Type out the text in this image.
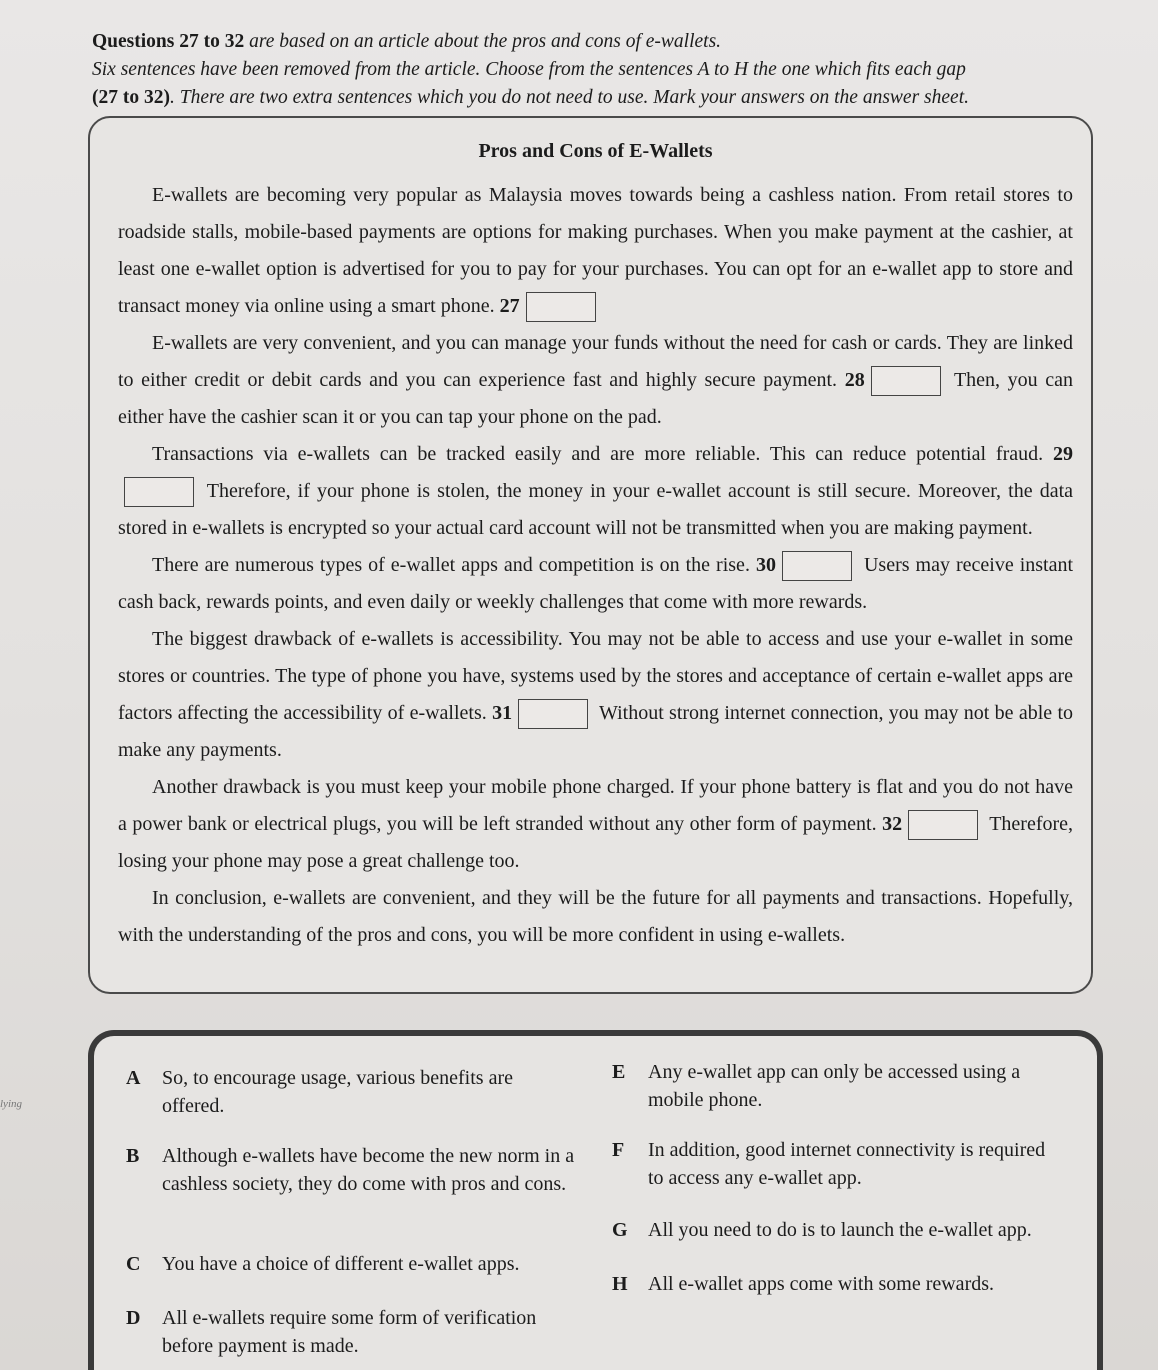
Questions 27 to 32 are based on an article about the pros and cons of e-wallets.
Six sentences have been removed from the article. Choose from the sentences A to H the one which fits each gap
(27 to 32). There are two extra sentences which you do not need to use. Mark your answers on the answer sheet.
Pros and Cons of E-Wallets

E-wallets are becoming very popular as Malaysia moves towards being a cashless nation. From retail stores to roadside stalls, mobile-based payments are options for making purchases. When you make payment at the cashier, at least one e-wallet option is advertised for you to pay for your purchases. You can opt for an e-wallet app to store and transact money via online using a smart phone. 27

E-wallets are very convenient, and you can manage your funds without the need for cash or cards. They are linked to either credit or debit cards and you can experience fast and highly secure payment. 28	Then, you can either have the cashier scan it or you can tap your phone on the pad.

Transactions via e-wallets can be tracked easily and are more reliable. This can reduce potential fraud. 29 Therefore, if your phone is stolen, the money in your e-wallet account is still secure. Moreover, the data stored in e-wallets is encrypted so your actual card account will not be transmitted when you are making payment.

There are numerous types of e-wallet apps and competition is on the rise. 30	Users may receive instant cash back, rewards points, and even daily or weekly challenges that come with more rewards.

The biggest drawback of e-wallets is accessibility. You may not be able to access and use your e-wallet in some stores or countries. The type of phone you have, systems used by the stores and acceptance of certain e-wallet apps are factors affecting the accessibility of e-wallets. 31	Without strong internet connection, you may not be able to make any payments.

Another drawback is you must keep your mobile phone charged. If your phone battery is flat and you do not have a power bank or electrical plugs, you will be left stranded without any other form of payment. 32	Therefore, losing your phone may pose a great challenge too.

In conclusion, e-wallets are convenient, and they will be the future for all payments and transactions. Hopefully, with the understanding of the pros and cons, you will be more confident in using e-wallets.

lying
A So, to encourage usage, various benefits are offered.
B Although e-wallets have become the new norm in a cashless society, they do come with pros and cons.
C You have a choice of different e-wallet apps.
D All e-wallets require some form of verification before payment is made.
E Any e-wallet app can only be accessed using a mobile phone.
F In addition, good internet connectivity is required to access any e-wallet app.
G All you need to do is to launch the e-wallet app.
H All e-wallet apps come with some rewards.
